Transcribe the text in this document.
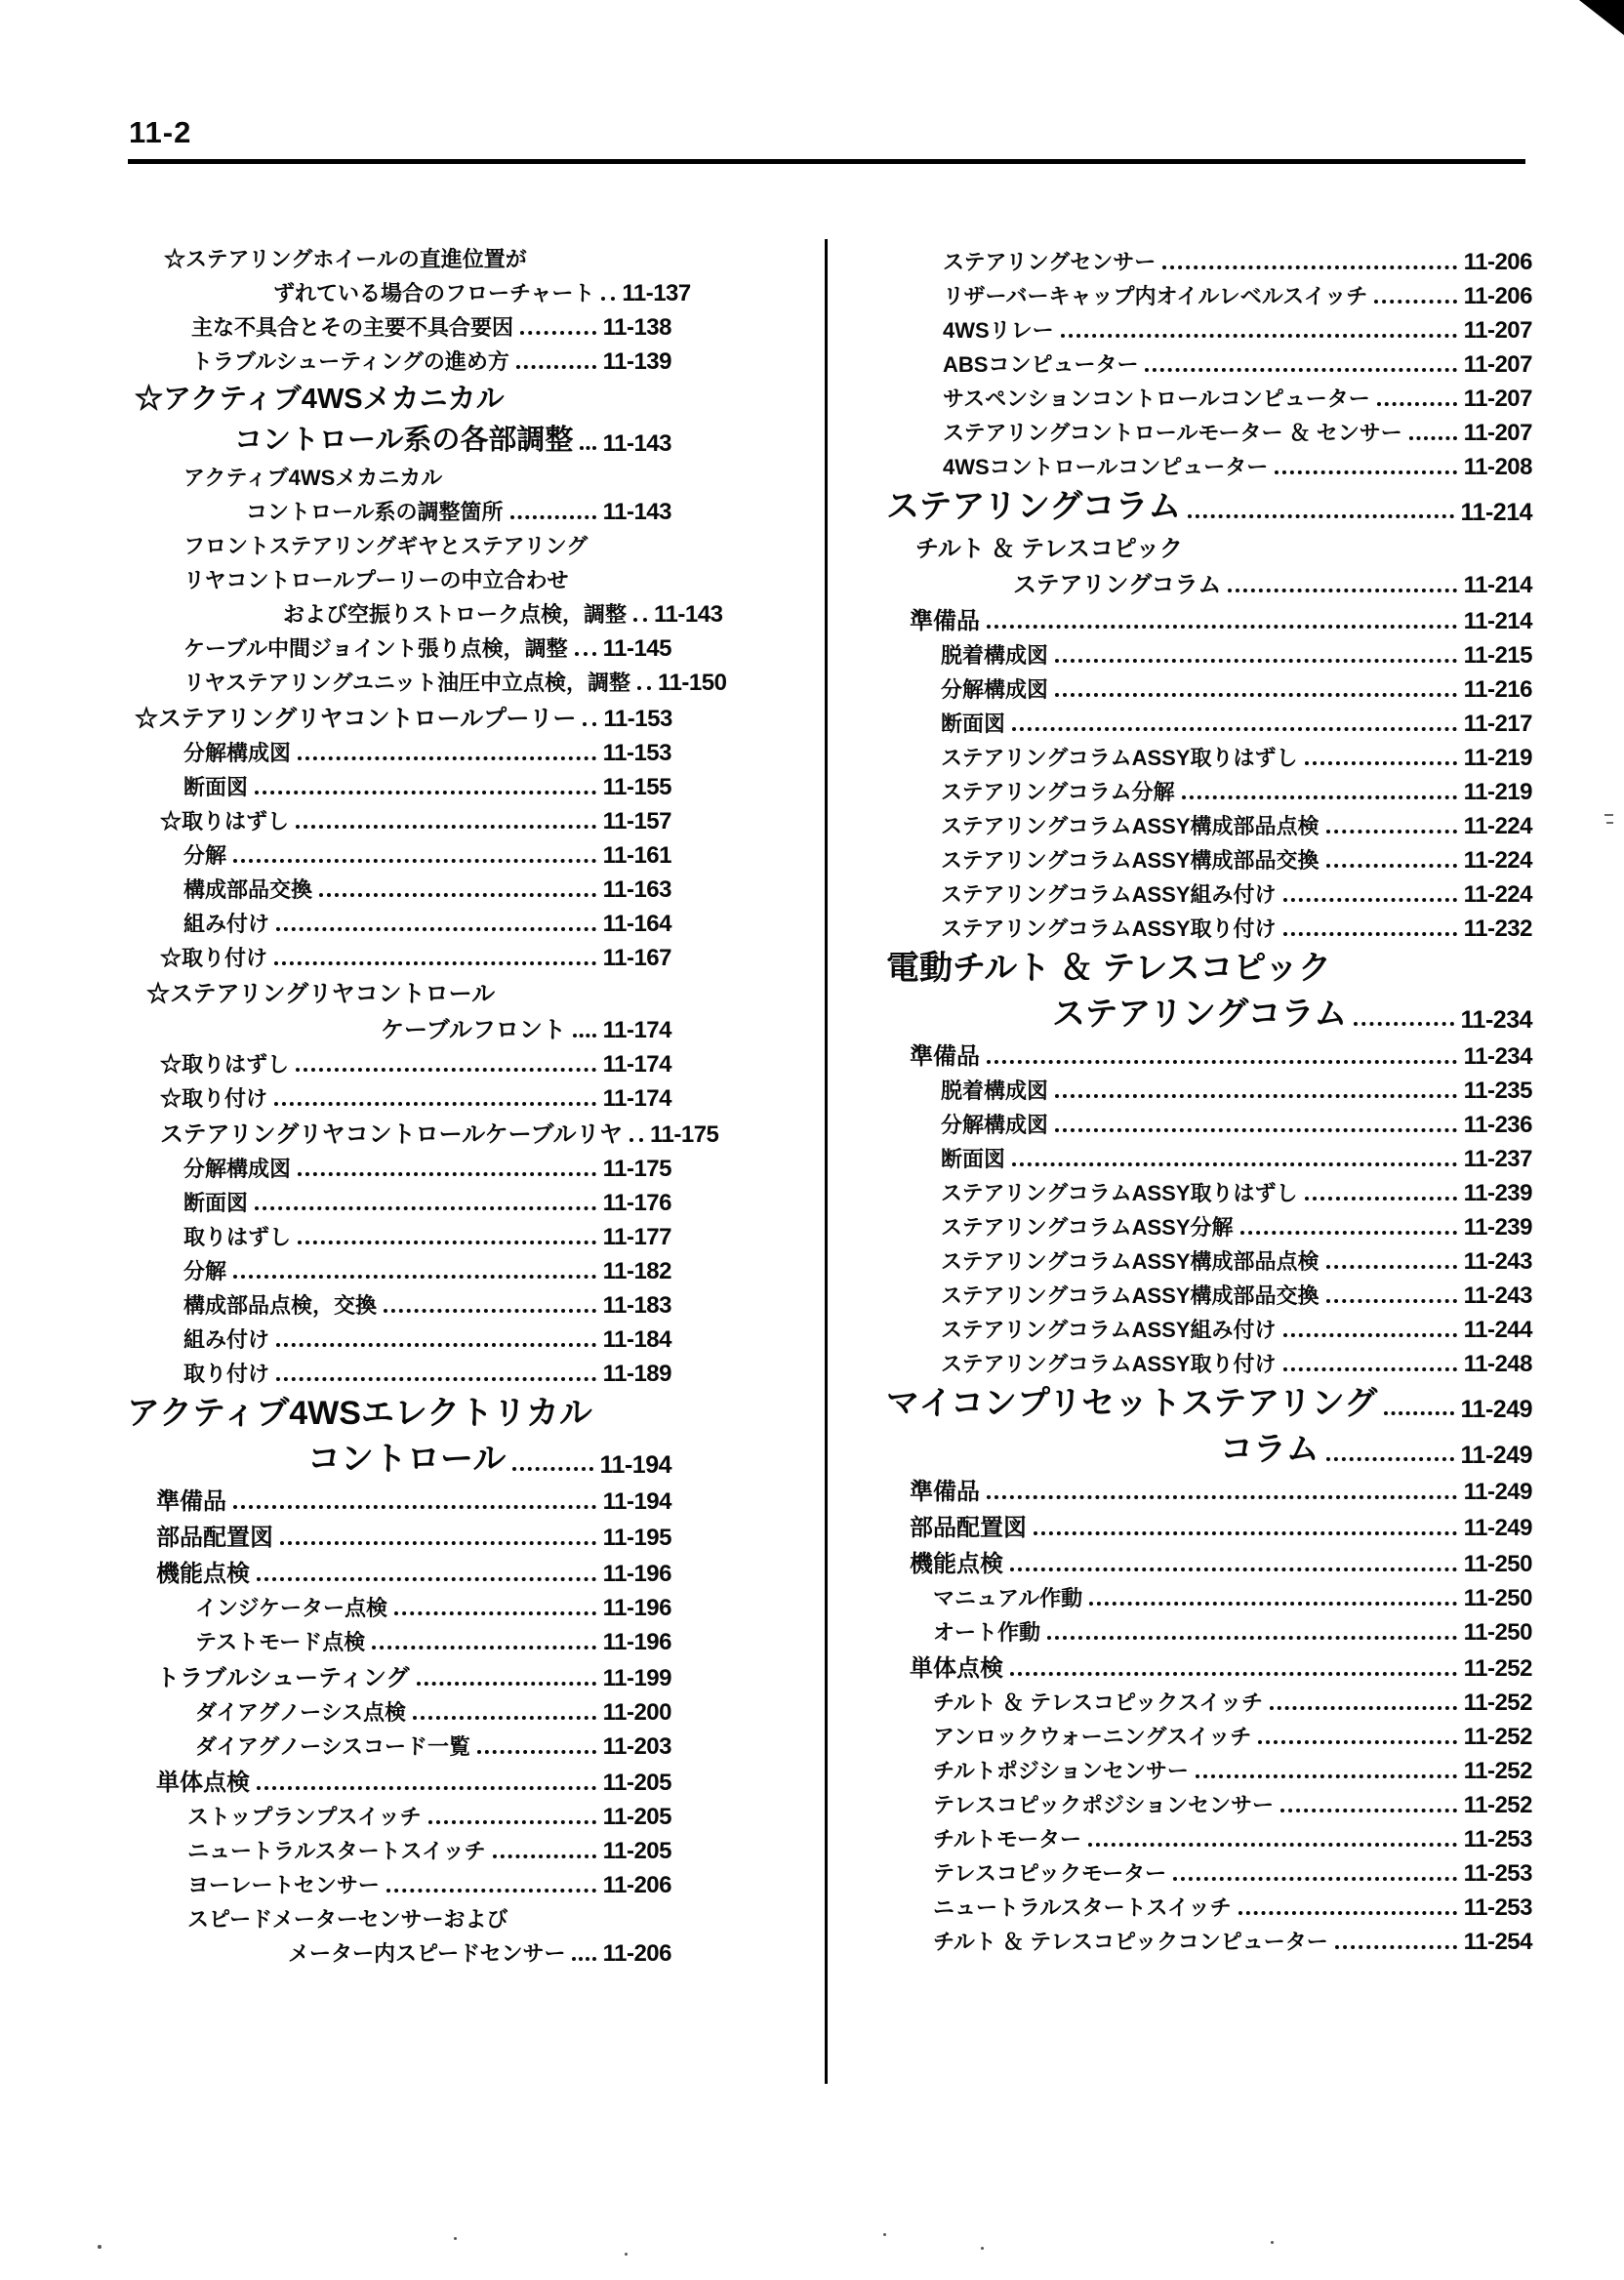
11-2
☆ステアリングホイールの直進位置が
ずれている場合のフローチャート 11-137
主な不具合とその主要不具合要因	11-138
トラブルシューティングの進め方	11-139
☆アクティブ4WSメカニカル
コントロール系の各部調整 11-143
アクティブ4WSメカニカル
コントロール系の調整箇所	11-143
フロントステアリングギヤとステアリング
リヤコントロールプーリーの中立合わせ
および空振りストローク点検，調整 11-143
ケーブル中間ジョイント張り点検，調整 11-145
リヤステアリングユニット油圧中立点検，調整 11-150
☆ステアリングリヤコントロールプーリー 11-153
分解構成図	11-153
断面図	11-155
☆取りはずし	11-157
分解	11-161
構成部品交換	11-163
組み付け	11-164
☆取り付け	11-167
☆ステアリングリヤコントロール
ケーブルフロント 11-174
☆取りはずし	11-174
☆取り付け	11-174
ステアリングリヤコントロールケーブルリヤ 11-175
分解構成図	11-175
断面図	11-176
取りはずし	11-177
分解	11-182
構成部品点検，交換	11-183
組み付け	11-184
取り付け	11-189
アクティブ4WSエレクトリカル
コントロール	11-194
準備品	11-194
部品配置図	11-195
機能点検	11-196
インジケーター点検	11-196
テストモード点検	11-196
トラブルシューティング	11-199
ダイアグノーシス点検	11-200
ダイアグノーシスコード一覧	11-203
単体点検	11-205
ストップランプスイッチ	11-205
ニュートラルスタートスイッチ	11-205
ヨーレートセンサー	11-206
スピードメーターセンサーおよび
メーター内スピードセンサー 11-206
ステアリングセンサー	11-206
リザーバーキャップ内オイルレベルスイッチ	11-206
4WSリレー	11-207
ABSコンピューター	11-207
サスペンションコントロールコンピューター	11-207
ステアリングコントロールモーター ＆ センサー	11-207
4WSコントロールコンピューター	11-208
ステアリングコラム	11-214
チルト ＆ テレスコピック
ステアリングコラム	11-214
準備品	11-214
脱着構成図	11-215
分解構成図	11-216
断面図	11-217
ステアリングコラムASSY取りはずし	11-219
ステアリングコラム分解	11-219
ステアリングコラムASSY構成部品点検	11-224
ステアリングコラムASSY構成部品交換	11-224
ステアリングコラムASSY組み付け	11-224
ステアリングコラムASSY取り付け	11-232
電動チルト ＆ テレスコピック
ステアリングコラム	11-234
準備品	11-234
脱着構成図	11-235
分解構成図	11-236
断面図	11-237
ステアリングコラムASSY取りはずし	11-239
ステアリングコラムASSY分解	11-239
ステアリングコラムASSY構成部品点検	11-243
ステアリングコラムASSY構成部品交換	11-243
ステアリングコラムASSY組み付け	11-244
ステアリングコラムASSY取り付け	11-248
マイコンプリセットステアリング	11-249
コラム	11-249
準備品	11-249
部品配置図	11-249
機能点検	11-250
マニュアル作動	11-250
オート作動	11-250
単体点検	11-252
チルト ＆ テレスコピックスイッチ	11-252
アンロックウォーニングスイッチ	11-252
チルトポジションセンサー	11-252
テレスコピックポジションセンサー	11-252
チルトモーター	11-253
テレスコピックモーター	11-253
ニュートラルスタートスイッチ	11-253
チルト ＆ テレスコピックコンピューター	11-254
